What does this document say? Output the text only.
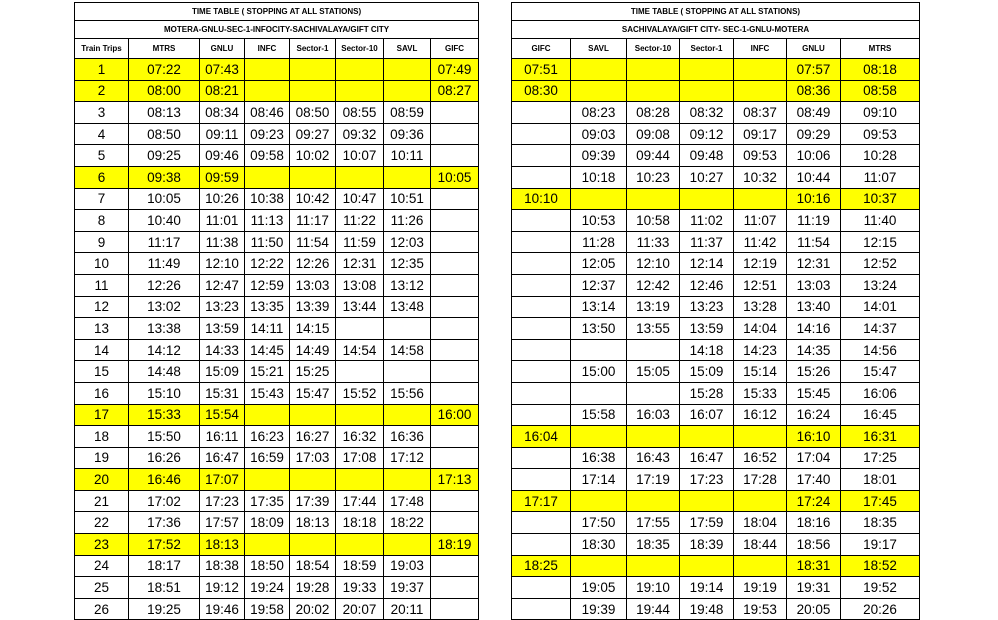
TIME TABLE ( STOPPING AT ALL STATIONS)							
MOTERA-GNLU-SEC-1-INFOCITY-SACHIVALAYA/GIFT CITY							
Train Trips	MTRS	GNLU	INFC	Sector-1	Sector-10	SAVL	GIFC
1	07:22	07:43					07:49
2	08:00	08:21					08:27
3	08:13	08:34	08:46	08:50	08:55	08:59	
4	08:50	09:11	09:23	09:27	09:32	09:36	
5	09:25	09:46	09:58	10:02	10:07	10:11	
6	09:38	09:59					10:05
7	10:05	10:26	10:38	10:42	10:47	10:51	
8	10:40	11:01	11:13	11:17	11:22	11:26	
9	11:17	11:38	11:50	11:54	11:59	12:03	
10	11:49	12:10	12:22	12:26	12:31	12:35	
11	12:26	12:47	12:59	13:03	13:08	13:12	
12	13:02	13:23	13:35	13:39	13:44	13:48	
13	13:38	13:59	14:11	14:15			
14	14:12	14:33	14:45	14:49	14:54	14:58	
15	14:48	15:09	15:21	15:25			
16	15:10	15:31	15:43	15:47	15:52	15:56	
17	15:33	15:54					16:00
18	15:50	16:11	16:23	16:27	16:32	16:36	
19	16:26	16:47	16:59	17:03	17:08	17:12	
20	16:46	17:07					17:13
21	17:02	17:23	17:35	17:39	17:44	17:48	
22	17:36	17:57	18:09	18:13	18:18	18:22	
23	17:52	18:13					18:19
24	18:17	18:38	18:50	18:54	18:59	19:03	
25	18:51	19:12	19:24	19:28	19:33	19:37	
26	19:25	19:46	19:58	20:02	20:07	20:11	
TIME TABLE ( STOPPING AT ALL STATIONS)						
SACHIVALAYA/GIFT CITY- SEC-1-GNLU-MOTERA						
GIFC	SAVL	Sector-10	Sector-1	INFC	GNLU	MTRS
07:51					07:57	08:18
08:30					08:36	08:58
	08:23	08:28	08:32	08:37	08:49	09:10
	09:03	09:08	09:12	09:17	09:29	09:53
	09:39	09:44	09:48	09:53	10:06	10:28
	10:18	10:23	10:27	10:32	10:44	11:07
10:10					10:16	10:37
	10:53	10:58	11:02	11:07	11:19	11:40
	11:28	11:33	11:37	11:42	11:54	12:15
	12:05	12:10	12:14	12:19	12:31	12:52
	12:37	12:42	12:46	12:51	13:03	13:24
	13:14	13:19	13:23	13:28	13:40	14:01
	13:50	13:55	13:59	14:04	14:16	14:37
			14:18	14:23	14:35	14:56
	15:00	15:05	15:09	15:14	15:26	15:47
			15:28	15:33	15:45	16:06
	15:58	16:03	16:07	16:12	16:24	16:45
16:04					16:10	16:31
	16:38	16:43	16:47	16:52	17:04	17:25
	17:14	17:19	17:23	17:28	17:40	18:01
17:17					17:24	17:45
	17:50	17:55	17:59	18:04	18:16	18:35
	18:30	18:35	18:39	18:44	18:56	19:17
18:25					18:31	18:52
	19:05	19:10	19:14	19:19	19:31	19:52
	19:39	19:44	19:48	19:53	20:05	20:26
